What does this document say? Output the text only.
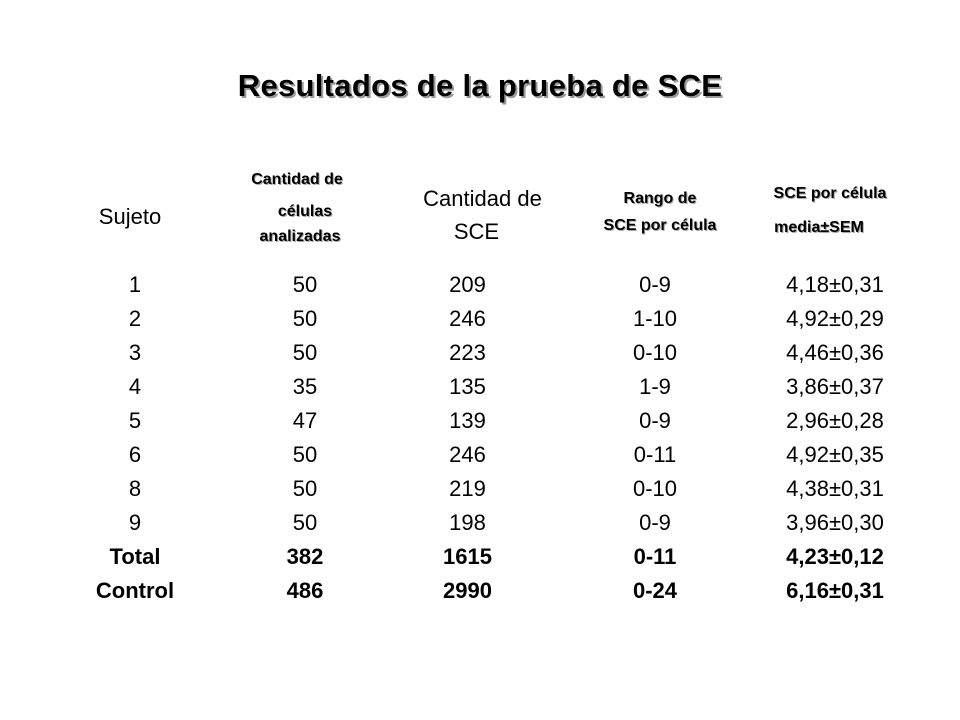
Resultados de la prueba de SCE
Sujeto
Cantidad de
células
analizadas
Cantidad de
SCE
Rango de
SCE por célula
SCE por célula
media±SEM
1
2
3
4
5
6
8
9
Total
Control
50
50
50
35
47
50
50
50
382
486
209
246
223
135
139
246
219
198
1615
2990
0-9
1-10
0-10
1-9
0-9
0-11
0-10
0-9
0-11
0-24
4,18±0,31
4,92±0,29
4,46±0,36
3,86±0,37
2,96±0,28
4,92±0,35
4,38±0,31
3,96±0,30
4,23±0,12
6,16±0,31
